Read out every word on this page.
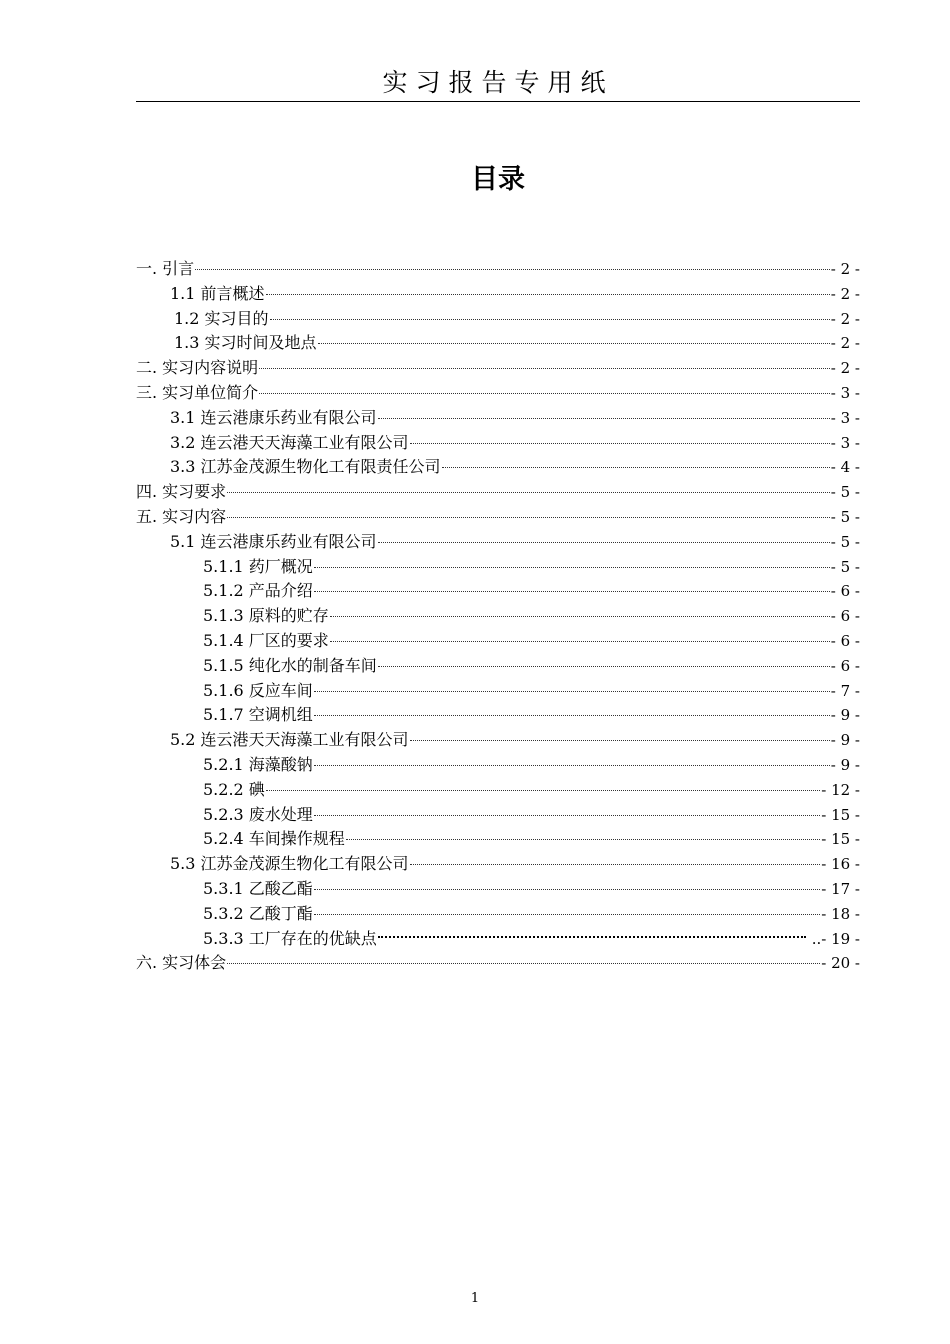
实习报告专用纸
目录
一. 引言	- 2 -
1.1 前言概述	- 2 -
1.2 实习目的	- 2 -
1.3 实习时间及地点	- 2 -
二. 实习内容说明	- 2 -
三. 实习单位简介	- 3 -
3.1 连云港康乐药业有限公司	- 3 -
3.2 连云港天天海藻工业有限公司	- 3 -
3.3 江苏金茂源生物化工有限责任公司	- 4 -
四. 实习要求	- 5 -
五. 实习内容	- 5 -
5.1 连云港康乐药业有限公司	- 5 -
5.1.1 药厂概况	- 5 -
5.1.2 产品介绍	- 6 -
5.1.3 原料的贮存	- 6 -
5.1.4 厂区的要求	- 6 -
5.1.5 纯化水的制备车间	- 6 -
5.1.6 反应车间	- 7 -
5.1.7 空调机组	- 9 -
5.2 连云港天天海藻工业有限公司	- 9 -
5.2.1 海藻酸钠	- 9 -
5.2.2 碘	- 12 -
5.2.3 废水处理	- 15 -
5.2.4 车间操作规程	- 15 -
5.3 江苏金茂源生物化工有限公司	- 16 -
5.3.1 乙酸乙酯	- 17 -
5.3.2 乙酸丁酯	- 18 -
5.3.3 工厂存在的优缺点	..- 19 -
六. 实习体会	- 20 -
1
